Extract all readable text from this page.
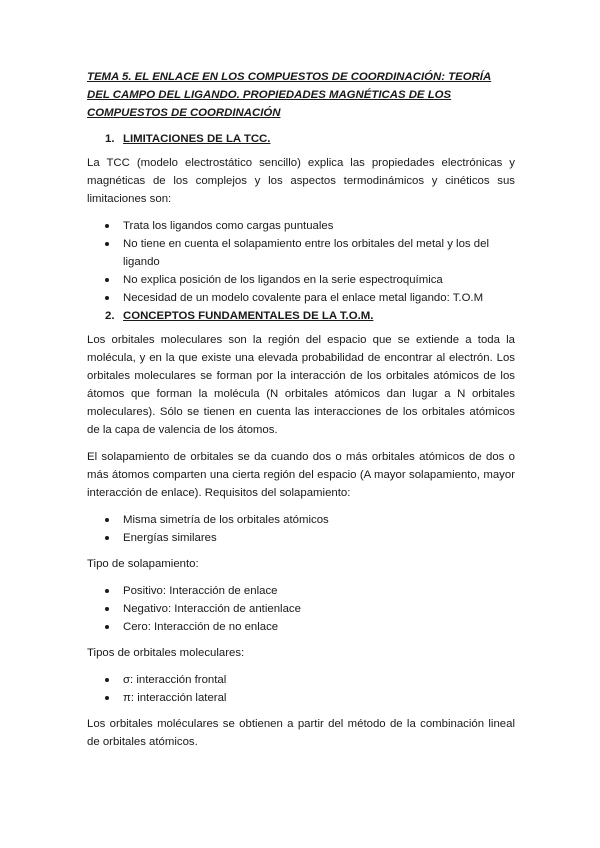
TEMA 5. EL ENLACE EN LOS COMPUESTOS DE COORDINACIÓN: TEORÍA DEL CAMPO DEL LIGANDO. PROPIEDADES MAGNÉTICAS DE LOS COMPUESTOS DE COORDINACIÓN
1. LIMITACIONES DE LA TCC.

La TCC (modelo electrostático sencillo) explica las propiedades electrónicas y magnéticas de los complejos y los aspectos termodinámicos y cinéticos sus limitaciones son:

Trata los ligandos como cargas puntuales
No tiene en cuenta el solapamiento entre los orbitales del metal y los del ligando
No explica posición de los ligandos en la serie espectroquímica
Necesidad de un modelo covalente para el enlace metal ligando: T.O.M
2. CONCEPTOS FUNDAMENTALES DE LA T.O.M.

Los orbitales moleculares son la región del espacio que se extiende a toda la molécula, y en la que existe una elevada probabilidad de encontrar al electrón. Los orbitales moleculares se forman por la interacción de los orbitales atómicos de los átomos que forman la molécula (N orbitales atómicos dan lugar a N orbitales moleculares). Sólo se tienen en cuenta las interacciones de los orbitales atómicos de la capa de valencia de los átomos.

El solapamiento de orbitales se da cuando dos o más orbitales atómicos de dos o más átomos comparten una cierta región del espacio (A mayor solapamiento, mayor interacción de enlace). Requisitos del solapamiento:

Misma simetría de los orbitales atómicos
Energías similares

Tipo de solapamiento:

Positivo: Interacción de enlace
Negativo: Interacción de antienlace
Cero: Interacción de no enlace

Tipos de orbitales moleculares:

σ: interacción frontal
π: interacción lateral

Los orbitales moléculares se obtienen a partir del método de la combinación lineal de orbitales atómicos.
